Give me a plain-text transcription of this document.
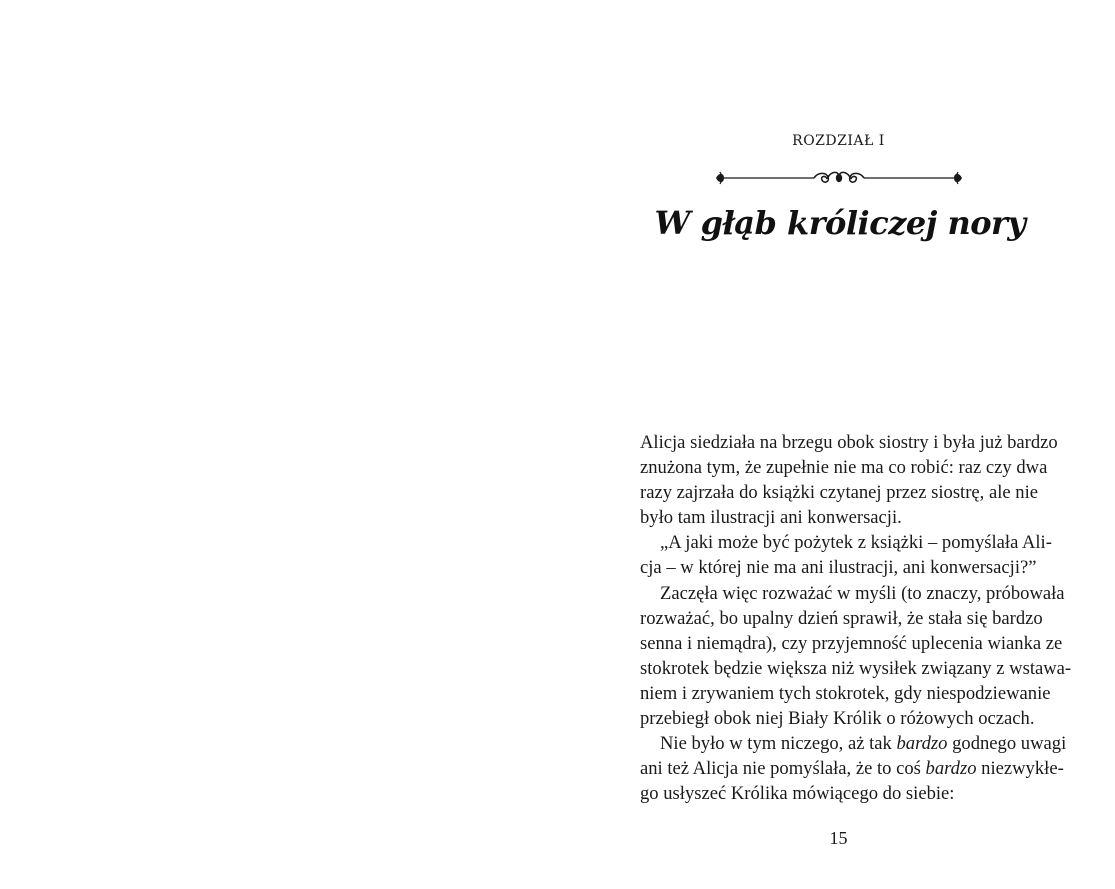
ROZDZIAŁ I
W głąb króliczej nory
Alicja siedziała na brzegu obok siostry i była już bardzo
znużona tym, że zupełnie nie ma co robić: raz czy dwa
razy zajrzała do książki czytanej przez siostrę, ale nie
było tam ilustracji ani konwersacji.
„A jaki może być pożytek z książki – pomyślała Ali-
cja – w której nie ma ani ilustracji, ani konwersacji?”
Zaczęła więc rozważać w myśli (to znaczy, próbowała
rozważać, bo upalny dzień sprawił, że stała się bardzo
senna i niemądra), czy przyjemność uplecenia wianka ze
stokrotek będzie większa niż wysiłek związany z wstawa-
niem i zrywaniem tych stokrotek, gdy niespodziewanie
przebiegł obok niej Biały Królik o różowych oczach.
Nie było w tym niczego, aż tak bardzo godnego uwagi
ani też Alicja nie pomyślała, że to coś bardzo niezwykłe-
go usłyszeć Królika mówiącego do siebie:
15
